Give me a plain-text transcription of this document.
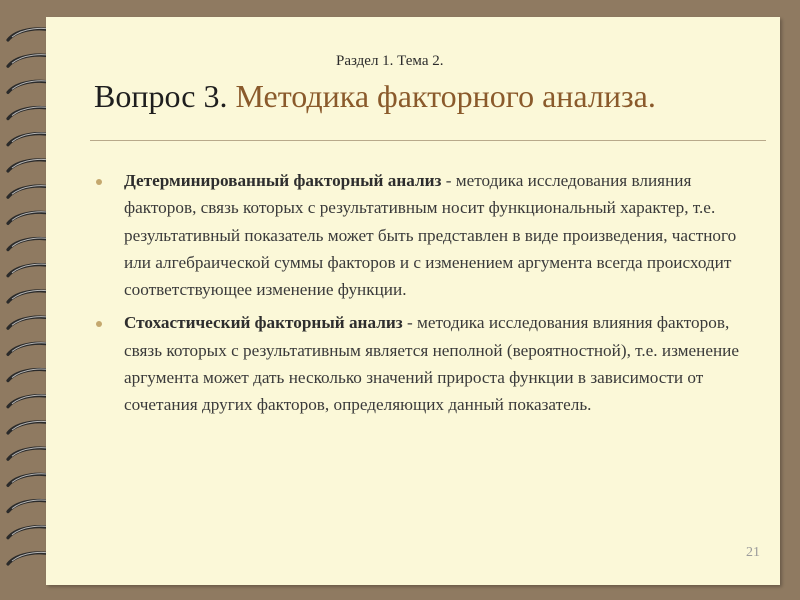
Раздел 1. Тема 2.
Вопрос 3. Методика факторного анализа.
Детерминированный факторный анализ - методика исследования влияния факторов, связь которых с результативным носит функциональный характер, т.е. результативный показатель может быть представлен в виде произведения, частного или алгебраической суммы факторов и с изменением аргумента всегда происходит соответствующее изменение функции.
Стохастический факторный анализ - методика исследования влияния факторов, связь которых с результативным является неполной (вероятностной), т.е. изменение аргумента может дать несколько значений прироста функции в зависимости от сочетания других факторов, определяющих данный показатель.
21
